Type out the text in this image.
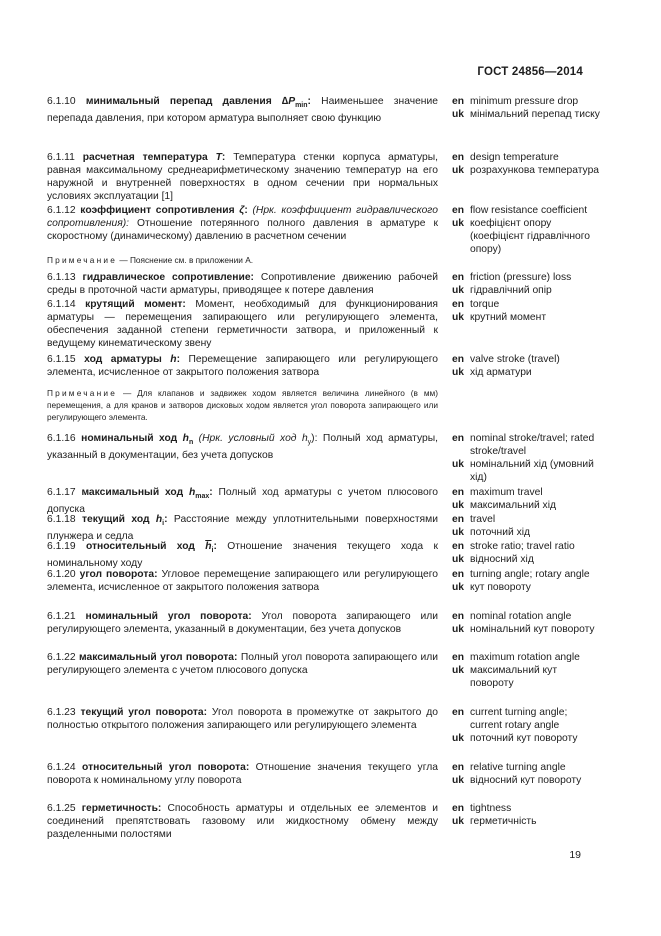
ГОСТ 24856—2014
6.1.10 минимальный перепад давления $\Delta P_{min}$: Наименьшее значение перепада давления, при котором арматура выполняет свою функцию
en minimum pressure drop
uk мінімальний перепад тиску
6.1.11 расчетная температура T: Температура стенки корпуса арматуры, равная максимальному среднеарифметическому значению температур на его наружной и внутренней поверхностях в одном сечении при нормальных условиях эксплуатации [1]
en design temperature
uk розрахункова температура
6.1.12 коэффициент сопротивления ζ: (Нрк. коэффициент гидравлического сопротивления): Отношение потерянного полного давления в арматуре к скоростному (динамическому) давлению в расчетном сечении
en flow resistance coefficient
uk коефіцієнт опору (коефіцієнт гідравлічного опору)
Примечание — Пояснение см. в приложении А.
6.1.13 гидравлическое сопротивление: Сопротивление движению рабочей среды в проточной части арматуры, приводящее к потере давления
en friction (pressure) loss
uk гідравлічний опір
6.1.14 крутящий момент: Момент, необходимый для функционирования арматуры — перемещения запирающего или регулирующего элемента, обеспечения заданной степени герметичности затвора, и приложенный к ведущему кинематическому звену
en torque
uk крутний момент
6.1.15 ход арматуры h: Перемещение запирающего или регулирующего элемента, исчисленное от закрытого положения затвора
en valve stroke (travel)
uk хід арматури
Примечание — Для клапанов и задвижек ходом является величина линейного (в мм) перемещения, а для кранов и затворов дисковых ходом является угол поворота запирающего или регулирующего элемента.
6.1.16 номинальный ход $h_n$ (Нрк. условный ход $h_y$): Полный ход арматуры, указанный в документации, без учета допусков
en nominal stroke/travel; rated stroke/travel
uk номінальний хід (умовний хід)
6.1.17 максимальный ход $h_{max}$: Полный ход арматуры с учетом плюсового допуска
en maximum travel
uk максимальний хід
6.1.18 текущий ход $h_i$: Расстояние между уплотнительными поверхностями плунжера и седла
en travel
uk поточний хід
6.1.19 относительный ход $\overline{h}_i$: Отношение значения текущего хода к номинальному ходу
en stroke ratio; travel ratio
uk відносний хід
6.1.20 угол поворота: Угловое перемещение запирающего или регулирующего элемента, исчисленное от закрытого положения затвора
en turning angle; rotary angle
uk кут повороту
6.1.21 номинальный угол поворота: Угол поворота запирающего или регулирующего элемента, указанный в документации, без учета допусков
en nominal rotation angle
uk номінальний кут повороту
6.1.22 максимальный угол поворота: Полный угол поворота запирающего или регулирующего элемента с учетом плюсового допуска
en maximum rotation angle
uk максимальний кут повороту
6.1.23 текущий угол поворота: Угол поворота в промежутке от закрытого до полностью открытого положения запирающего или регулирующего элемента
en current turning angle; current rotary angle
uk поточний кут повороту
6.1.24 относительный угол поворота: Отношение значения текущего угла поворота к номинальному углу поворота
en relative turning angle
uk відносний кут повороту
6.1.25 герметичность: Способность арматуры и отдельных ее элементов и соединений препятствовать газовому или жидкостному обмену между разделенными полостями
en tightness
uk герметичність
19
